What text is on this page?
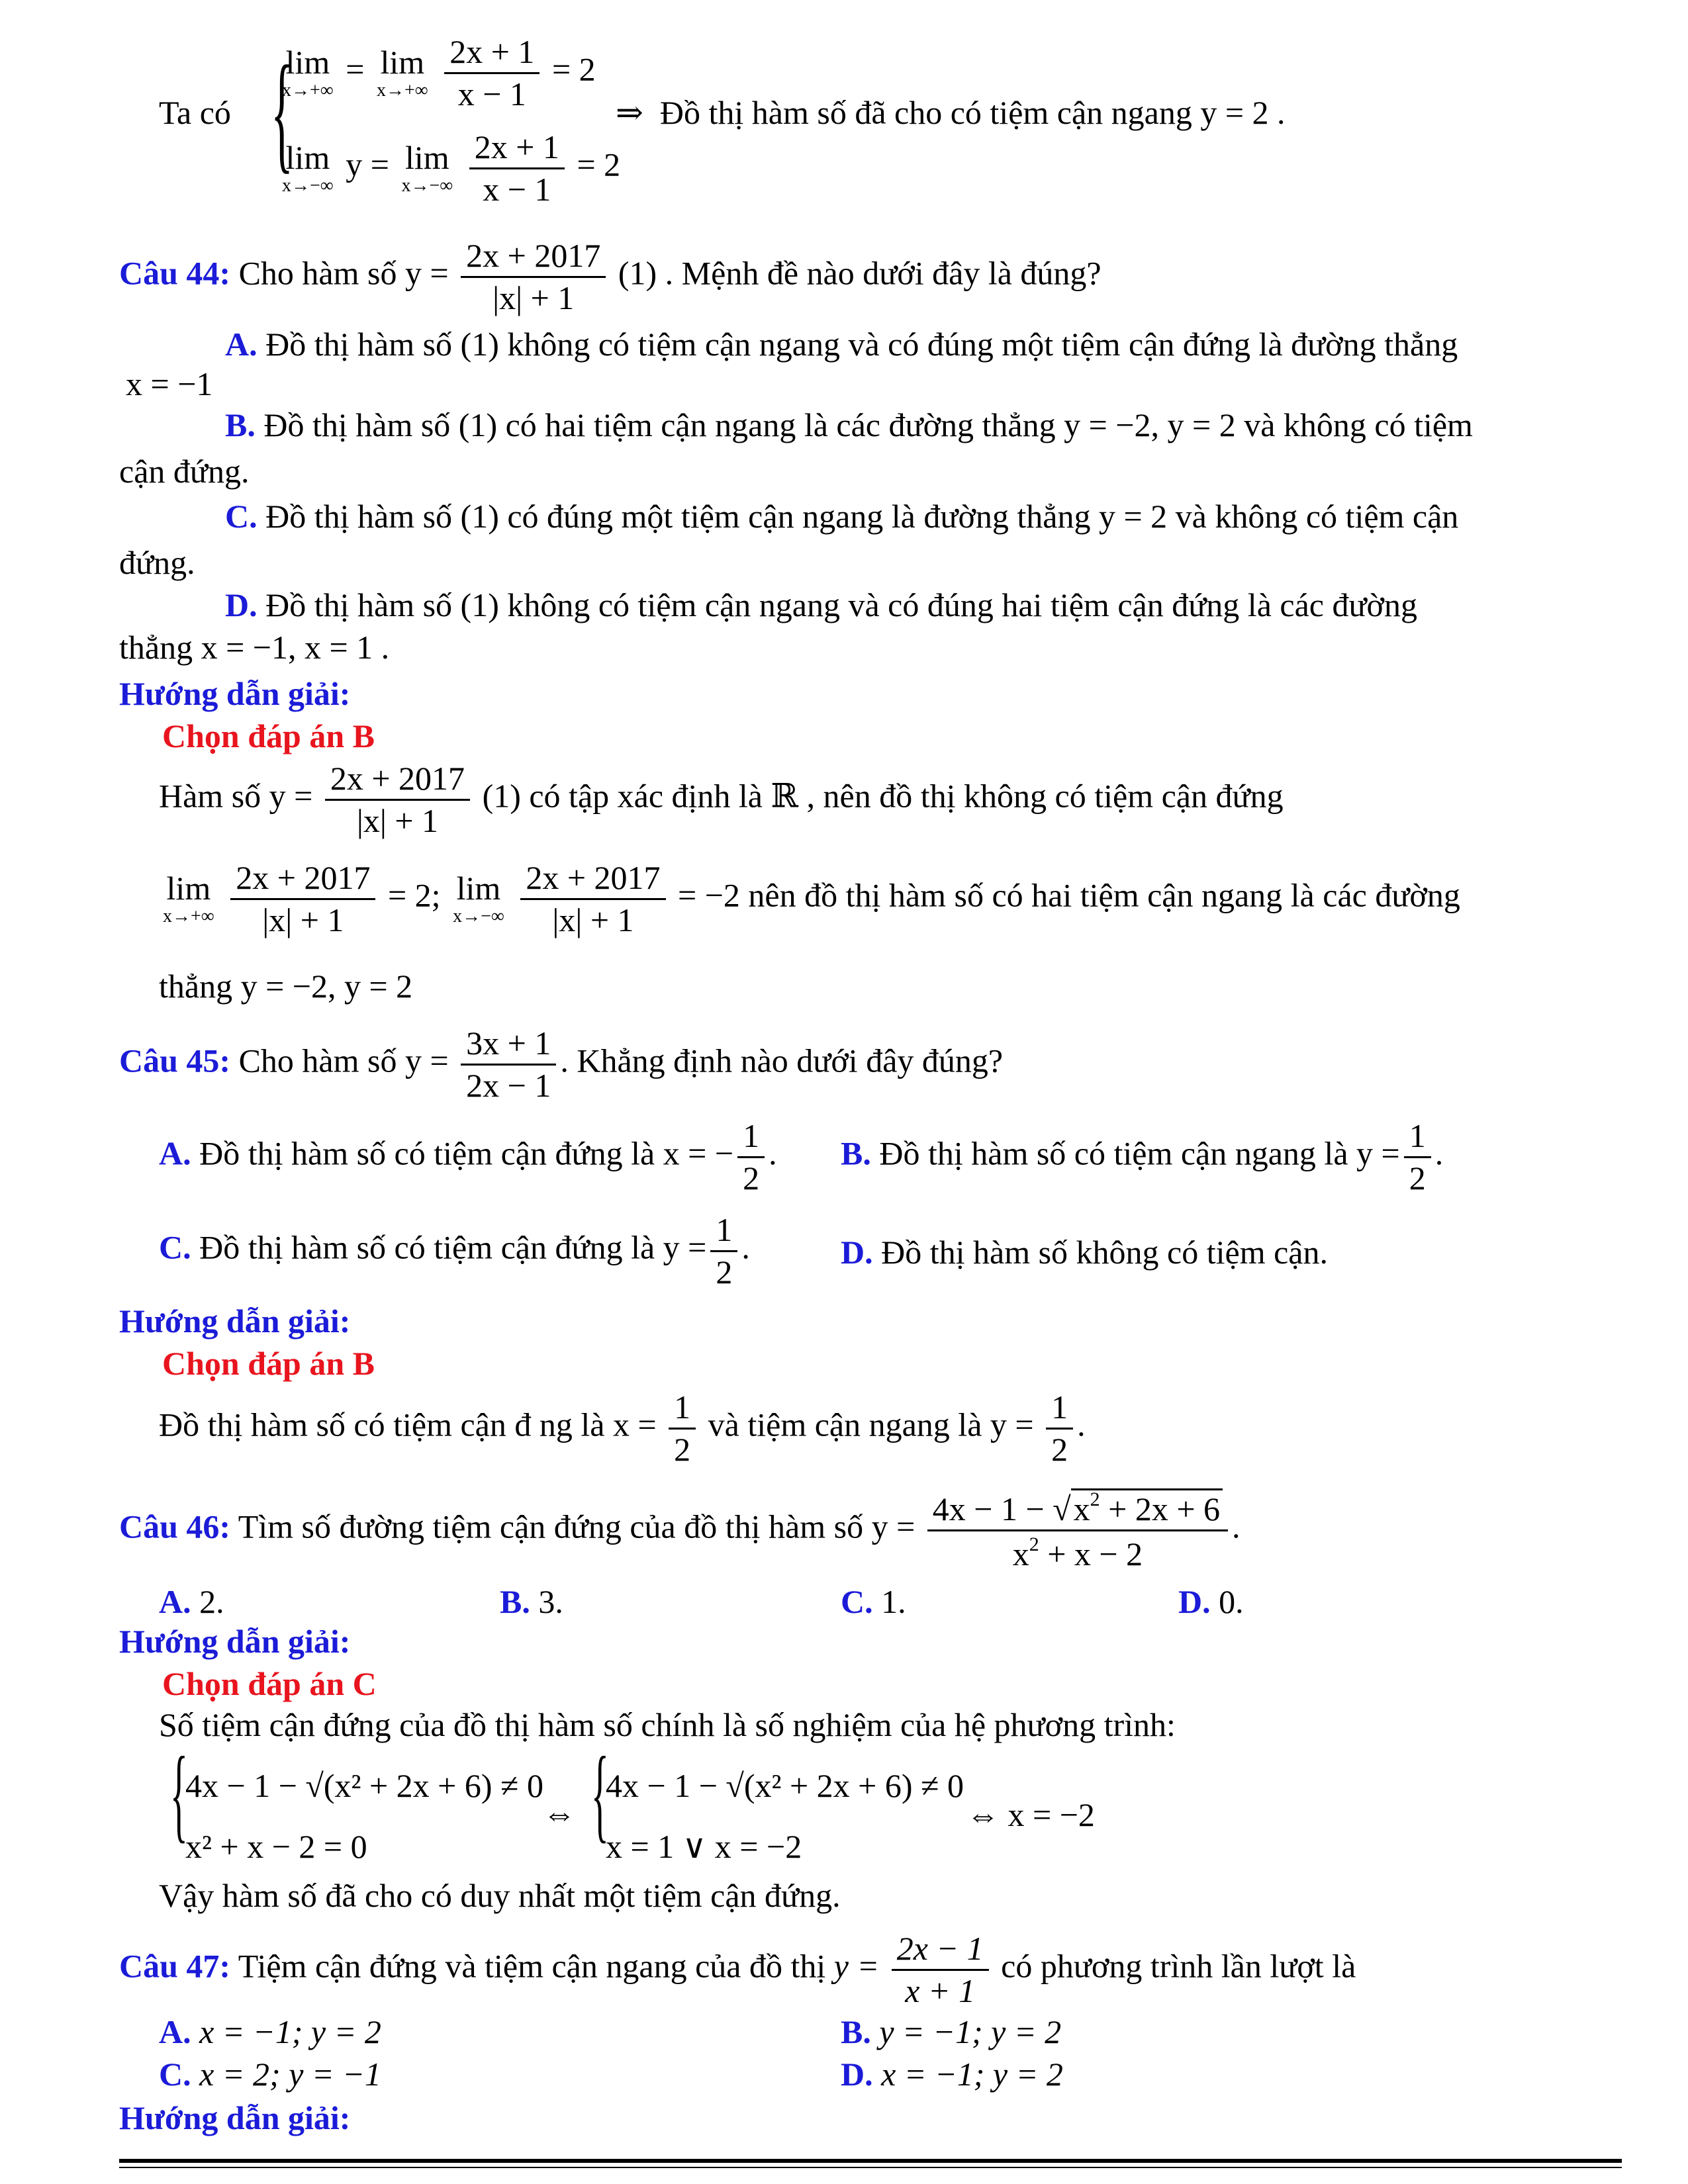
Ta có {
lim
x→+∞
= lim
x→+∞
$\frac{2x + 1}{x - 1} = 2$
lim
x→−∞
y = lim
x→−∞
$\frac{2x + 1}{x - 1} = 2$
⇒ Đồ thị hàm số đã cho có tiệm cận ngang y = 2 .
Câu 44: Cho hàm số $y = \frac{2x + 2017}{|x| + 1} (1)$ . Mệnh đề nào dưới đây là đúng?
A. Đồ thị hàm số (1) không có tiệm cận ngang và có đúng một tiệm cận đứng là đường thẳng
x = −1
B. Đồ thị hàm số (1) có hai tiệm cận ngang là các đường thẳng y = −2, y = 2 và không có tiệm
cận đứng.
C. Đồ thị hàm số (1) có đúng một tiệm cận ngang là đường thẳng y = 2 và không có tiệm cận
đứng.
D. Đồ thị hàm số (1) không có tiệm cận ngang và có đúng hai tiệm cận đứng là các đường
thẳng x = −1, x = 1 .
Hướng dẫn giải:
Chọn đáp án B
Hàm số $y = \frac{2x + 2017}{|x| + 1} (1)$ có tập xác định là ℝ , nên đồ thị không có tiệm cận đứng
lim
x→+∞
$\frac{2x + 2017}{|x| + 1} = 2$; lim
x→−∞
$\frac{2x + 2017}{|x| + 1} = -2$ nên đồ thị hàm số có hai tiệm cận ngang là các đường
thẳng y = −2, y = 2
Câu 45: Cho hàm số $y = \frac{3x + 1}{2x - 1}$ . Khẳng định nào dưới đây đúng?
A. Đồ thị hàm số có tiệm cận đứng là x = − $\frac{1}{2}$ . B. Đồ thị hàm số có tiệm cận ngang là $y = \frac{1}{2}$ .
C. Đồ thị hàm số có tiệm cận đứng là $y = \frac{1}{2}$ .	D. Đồ thị hàm số không có tiệm cận.
Hướng dẫn giải:
Chọn đáp án B
Đồ thị hàm số có tiệm cận đ ng là $x = \frac{1}{2}$ và tiệm cận ngang là $y = \frac{1}{2}$ .
Câu 46: Tìm số đường tiệm cận đứng của đồ thị hàm số $y = \frac{4x - 1 - √x^2 + 2x + 6}{x^2 + x - 2}$ .
A. 2.	B. 3.	C. 1.	D. 0.
Hướng dẫn giải:
Chọn đáp án C
Số tiệm cận đứng của đồ thị hàm số chính là số nghiệm của hệ phương trình:
{
4x − 1 − √(x² + 2x + 6) ≠ 0
x² + x − 2 = 0
⇔ {
4x − 1 − √(x² + 2x + 6) ≠ 0
x = 1 ∨ x = −2
⇔ x = −2
Vậy hàm số đã cho có duy nhất một tiệm cận đứng.
Câu 47: Tiệm cận đứng và tiệm cận ngang của đồ thị $y = \frac{2x - 1}{x + 1}$ có phương trình lần lượt là
A. x = −1; y = 2	B. y = −1; y = 2
C. x = 2; y = −1	D. x = −1; y = 2
Hướng dẫn giải:
